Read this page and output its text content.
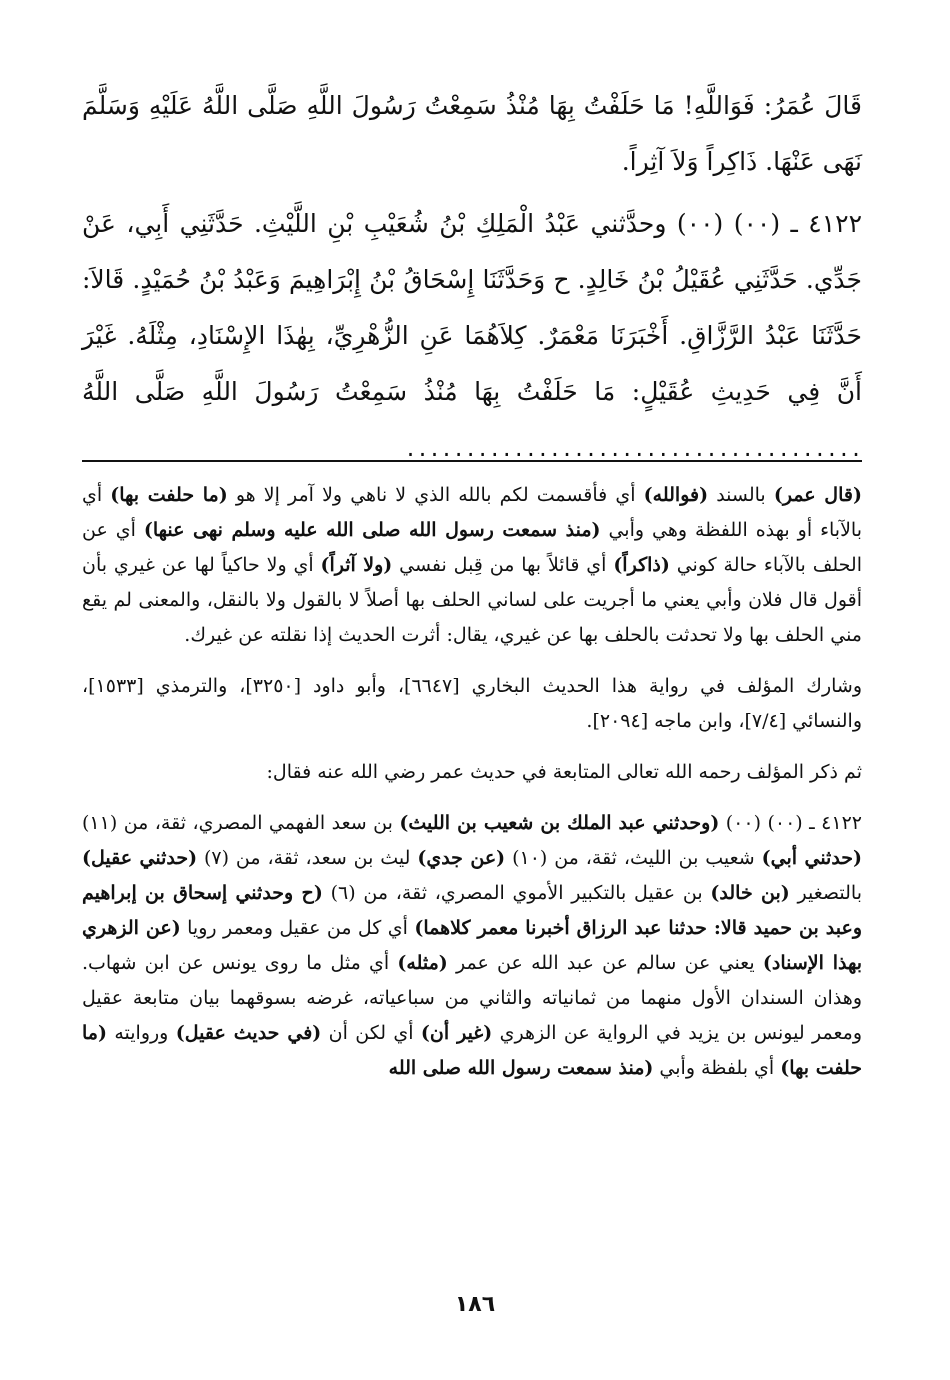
قَالَ عُمَرُ: فَوَاللَّهِ! مَا حَلَفْتُ بِهَا مُنْذُ سَمِعْتُ رَسُولَ اللَّهِ صَلَّى اللَّهُ عَلَيْهِ وَسَلَّمَ نَهَى عَنْهَا. ذَاكِراً وَلاَ آثِراً.

٤١٢٢ ـ (٠٠) (٠٠) وحدَّثني عَبْدُ الْمَلِكِ بْنُ شُعَيْبِ بْنِ اللَّيْثِ. حَدَّثَنِي أَبِي، عَنْ جَدِّي. حَدَّثَنِي عُقَيْلُ بْنُ خَالِدٍ. ح وَحَدَّثَنَا إِسْحَاقُ بْنُ إِبْرَاهِيمَ وَعَبْدُ بْنُ حُمَيْدٍ. قَالاَ: حَدَّثَنَا عَبْدُ الرَّزَّاقِ. أَخْبَرَنَا مَعْمَرٌ. كِلاَهُمَا عَنِ الزُّهْرِيِّ، بِهٰذَا الإِسْنَادِ، مِثْلَهُ. غَيْرَ أَنَّ فِي حَدِيثِ عُقَيْلٍ: مَا حَلَفْتُ بِهَا مُنْذُ سَمِعْتُ رَسُولَ اللَّهِ صَلَّى اللَّهُ ......................................

(قال عمر) بالسند (فوالله) أي فأقسمت لكم بالله الذي لا ناهي ولا آمر إلا هو (ما حلفت بها) أي بالآباء أو بهذه اللفظة وهي وأبي (منذ سمعت رسول الله صلى الله عليه وسلم نهى عنها) أي عن الحلف بالآباء حالة كوني (ذاكراً) أي قائلاً بها من قِبل نفسي (ولا آثراً) أي ولا حاكياً لها عن غيري بأن أقول قال فلان وأبي يعني ما أجريت على لساني الحلف بها أصلاً لا بالقول ولا بالنقل، والمعنى لم يقع مني الحلف بها ولا تحدثت بالحلف بها عن غيري، يقال: أثرت الحديث إذا نقلته عن غيرك.

وشارك المؤلف في رواية هذا الحديث البخاري [٦٦٤٧]، وأبو داود [٣٢٥٠]، والترمذي [١٥٣٣]، والنسائي [٧/٤]، وابن ماجه [٢٠٩٤].

ثم ذكر المؤلف رحمه الله تعالى المتابعة في حديث عمر رضي الله عنه فقال:

٤١٢٢ ـ (٠٠) (٠٠) (وحدثني عبد الملك بن شعيب بن الليث) بن سعد الفهمي المصري، ثقة، من (١١) (حدثني أبي) شعيب بن الليث، ثقة، من (١٠) (عن جدي) ليث بن سعد، ثقة، من (٧) (حدثني عقيل) بالتصغير (بن خالد) بن عقيل بالتكبير الأموي المصري، ثقة، من (٦) (ح وحدثني إسحاق بن إبراهيم وعبد بن حميد قالا: حدثنا عبد الرزاق أخبرنا معمر كلاهما) أي كل من عقيل ومعمر رويا (عن الزهري بهذا الإسناد) يعني عن سالم عن عبد الله عن عمر (مثله) أي مثل ما روى يونس عن ابن شهاب. وهذان السندان الأول منهما من ثمانياته والثاني من سباعياته، غرضه بسوقهما بيان متابعة عقيل ومعمر ليونس بن يزيد في الرواية عن الزهري (غير أن) أي لكن أن (في حديث عقيل) وروايته (ما حلفت بها) أي بلفظة وأبي (منذ سمعت رسول الله صلى الله

١٨٦
